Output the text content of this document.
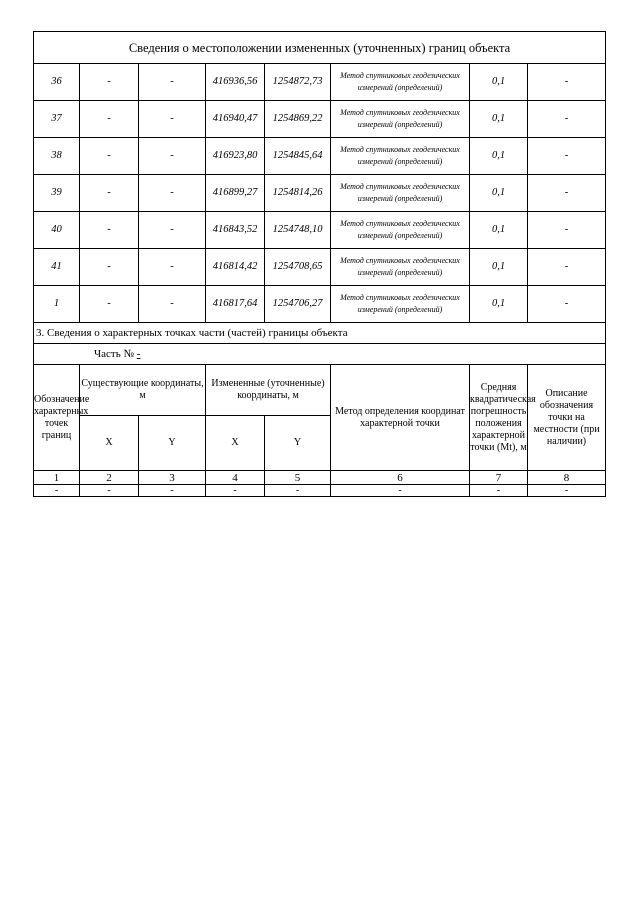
Сведения о местоположении измененных (уточненных) границ объекта							
36	-	-	416936,56	1254872,73	Метод спутниковых геодезических измерений (определений)	0,1	-
37	-	-	416940,47	1254869,22	Метод спутниковых геодезических измерений (определений)	0,1	-
38	-	-	416923,80	1254845,64	Метод спутниковых геодезических измерений (определений)	0,1	-
39	-	-	416899,27	1254814,26	Метод спутниковых геодезических измерений (определений)	0,1	-
40	-	-	416843,52	1254748,10	Метод спутниковых геодезических измерений (определений)	0,1	-
41	-	-	416814,42	1254708,65	Метод спутниковых геодезических измерений (определений)	0,1	-
1	-	-	416817,64	1254706,27	Метод спутниковых геодезических измерений (определений)	0,1	-
3. Сведения о характерных точках части (частей) границы объекта							
Часть № -							
Обозначение характерных точек границ	Существующие координаты, м		Измененные (уточненные) координаты, м		Метод определения координат характерной точки	Средняя квадратическая погрешность положения характерной точки (Mt), м	Описание обозначения точки на местности (при наличии)
	X	Y	X	Y			
1	2	3	4	5	6	7	8
-	-	-	-	-	-	-	-
